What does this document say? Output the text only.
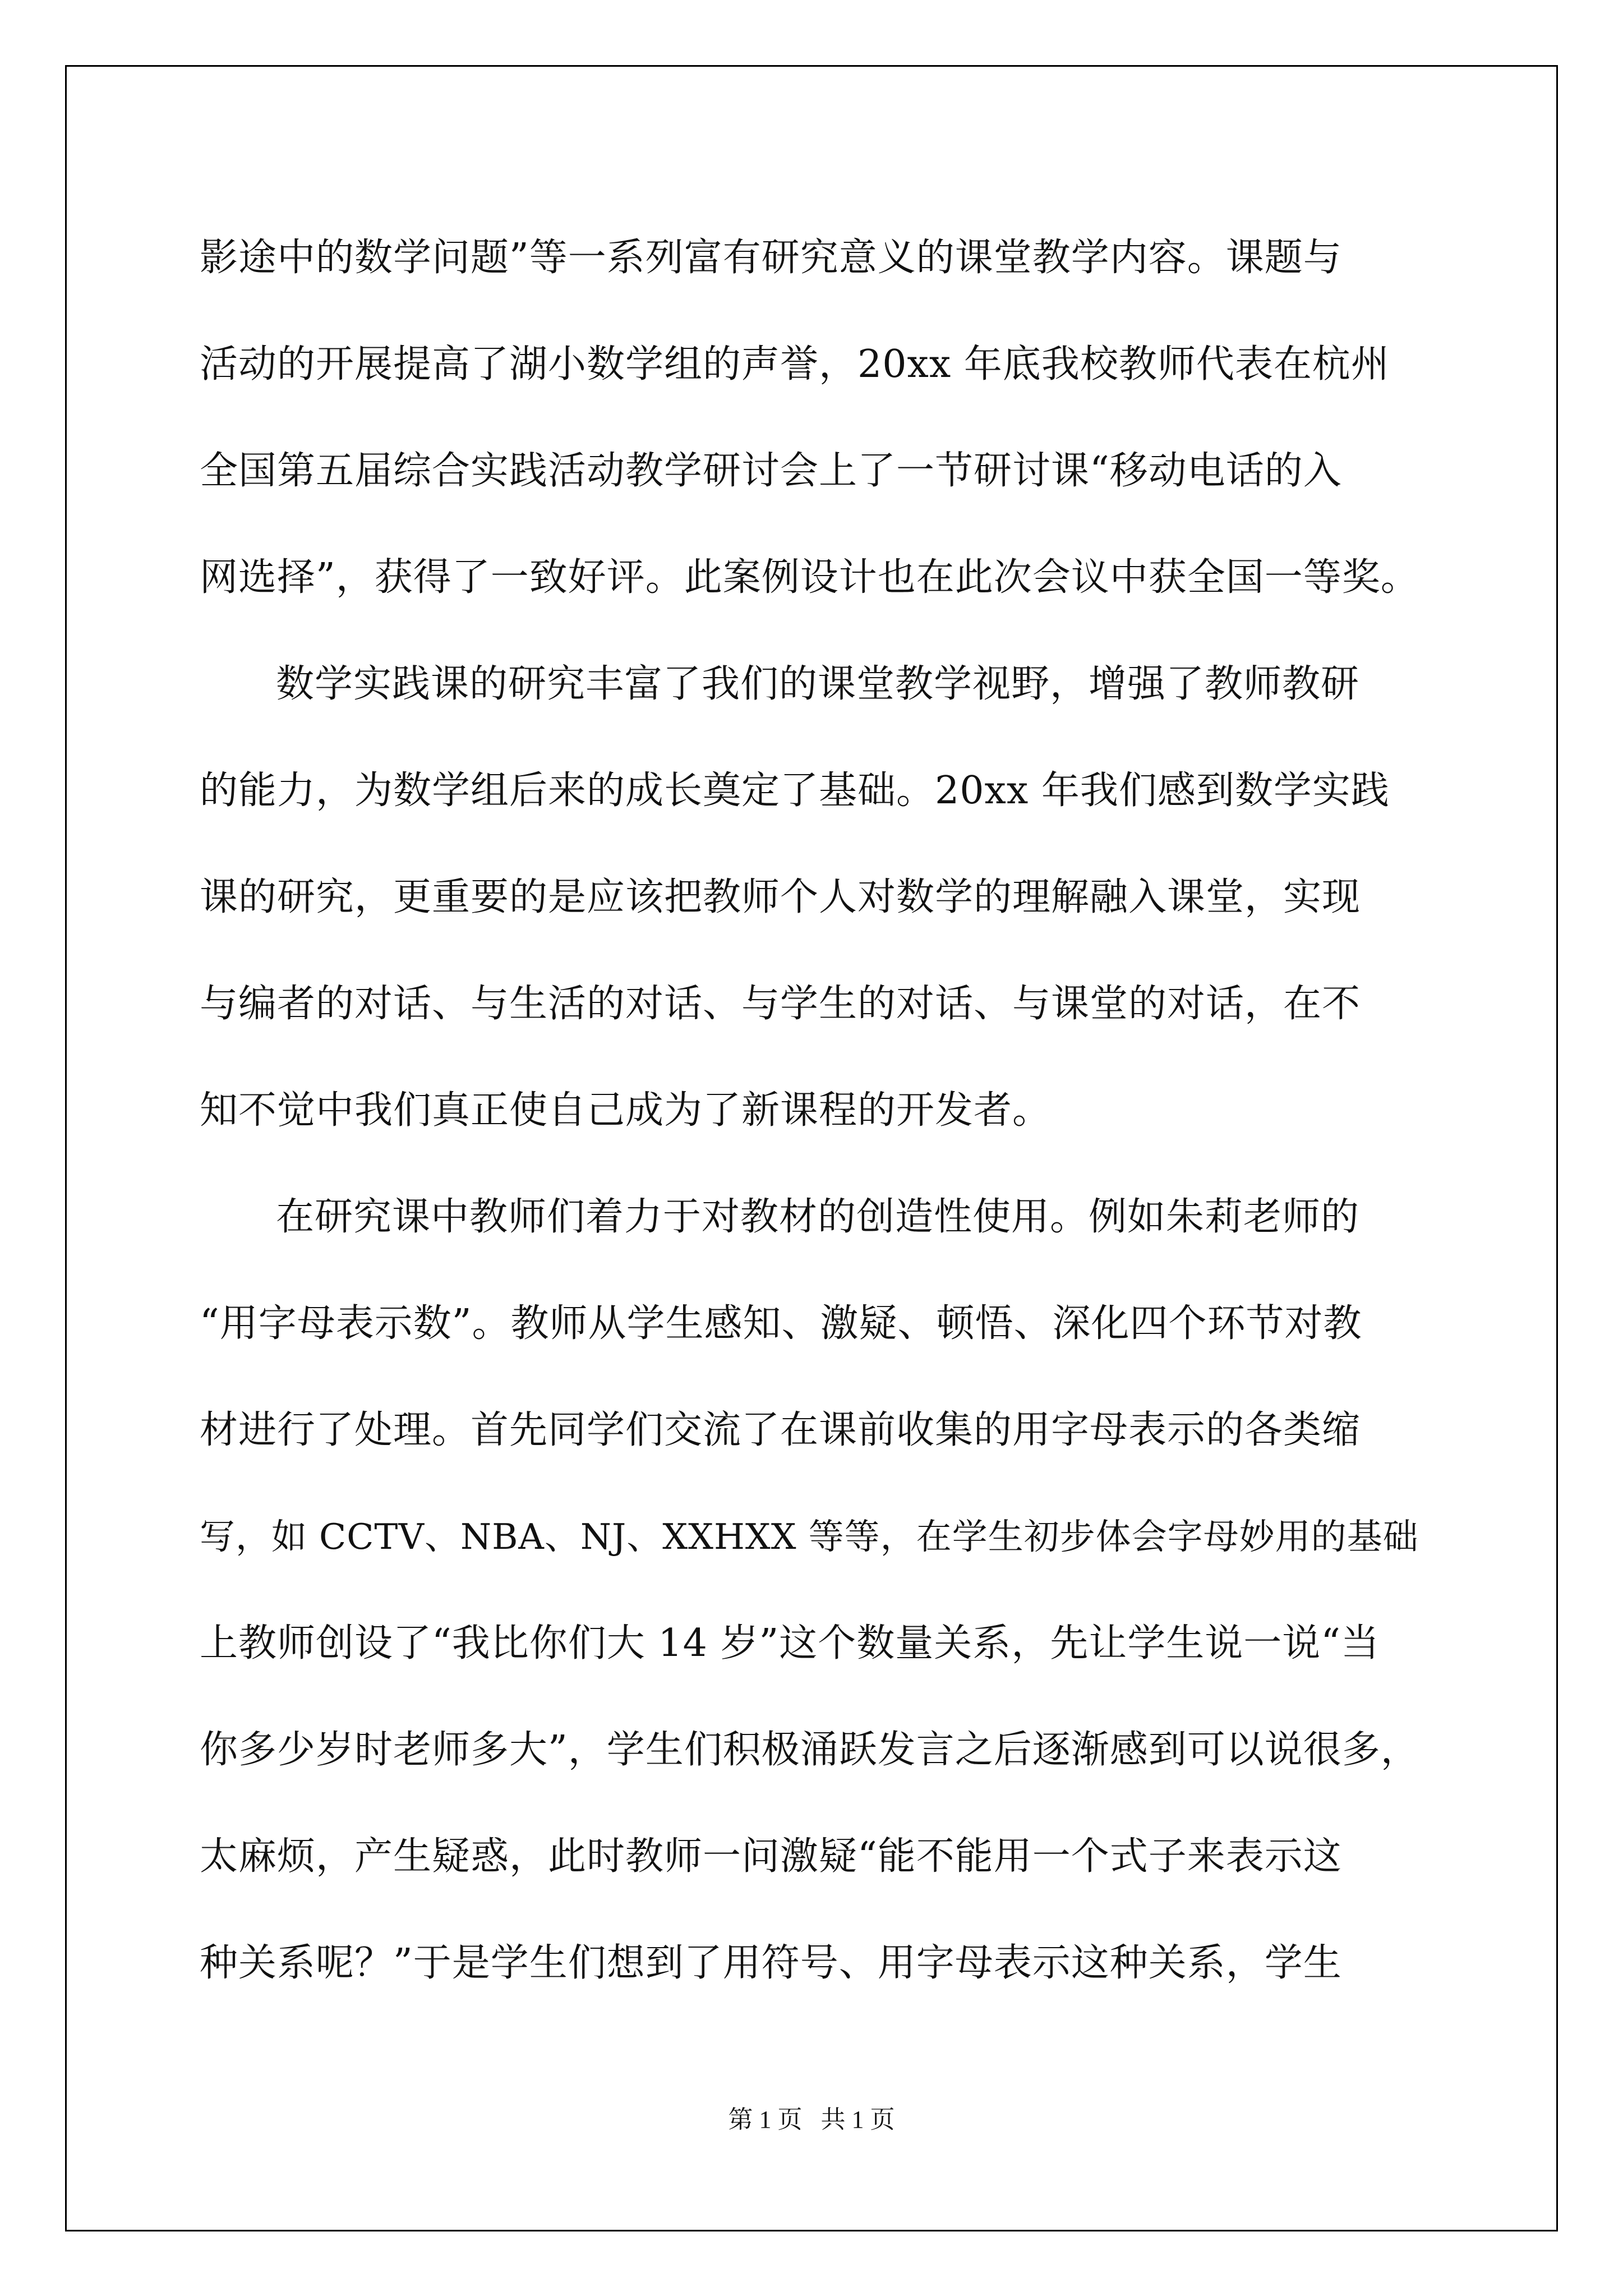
影途中的数学问题”等一系列富有研究意义的课堂教学内容。课题与
活动的开展提高了湖小数学组的声誉，20xx 年底我校教师代表在杭州
全国第五届综合实践活动教学研讨会上了一节研讨课“移动电话的入
网选择”，获得了一致好评。此案例设计也在此次会议中获全国一等奖。
数学实践课的研究丰富了我们的课堂教学视野，增强了教师教研
的能力，为数学组后来的成长奠定了基础。20xx 年我们感到数学实践
课的研究，更重要的是应该把教师个人对数学的理解融入课堂，实现
与编者的对话、与生活的对话、与学生的对话、与课堂的对话，在不
知不觉中我们真正使自己成为了新课程的开发者。
在研究课中教师们着力于对教材的创造性使用。例如朱莉老师的
“用字母表示数”。教师从学生感知、激疑、顿悟、深化四个环节对教
材进行了处理。首先同学们交流了在课前收集的用字母表示的各类缩
写，如 CCTV、NBA、NJ、XXHXX 等等，在学生初步体会字母妙用的基础
上教师创设了“我比你们大 14 岁”这个数量关系，先让学生说一说“当
你多少岁时老师多大”，学生们积极涌跃发言之后逐渐感到可以说很多，
太麻烦，产生疑惑，此时教师一问激疑“能不能用一个式子来表示这
种关系呢？”于是学生们想到了用符号、用字母表示这种关系，学生
第 1 页 共 1 页
